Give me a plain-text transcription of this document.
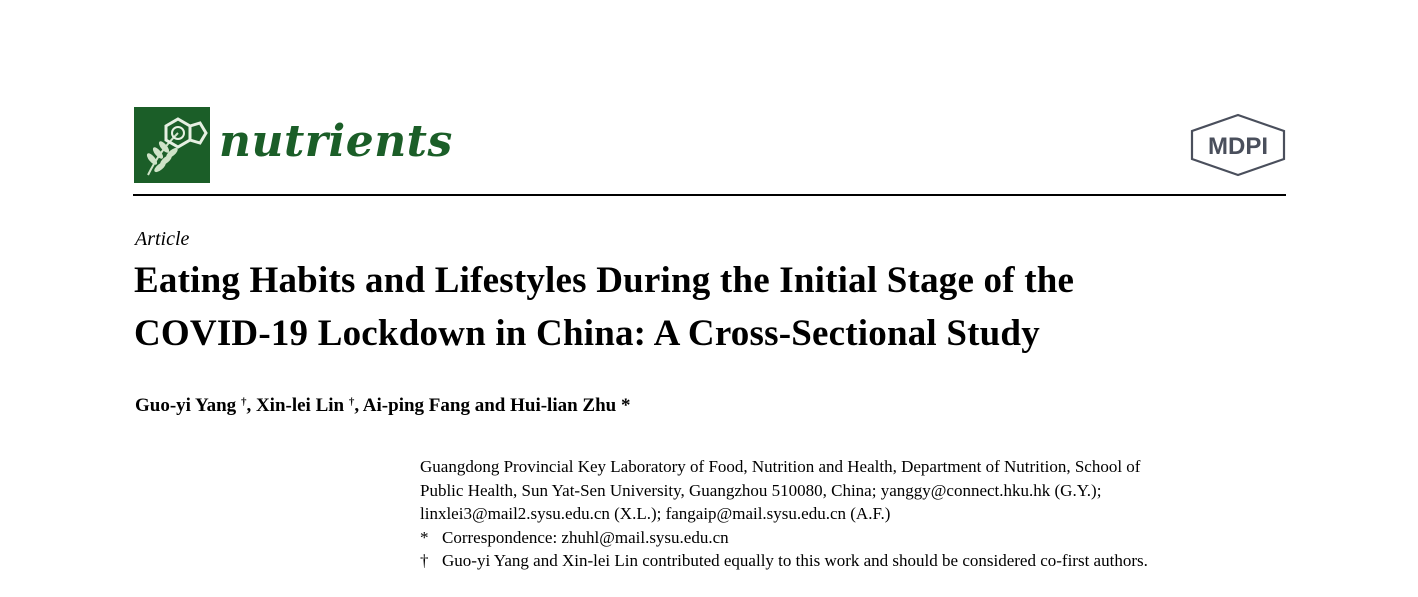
nutrients	MDPI
Article
Eating Habits and Lifestyles During the Initial Stage of the
COVID-19 Lockdown in China: A Cross-Sectional Study
Guo-yi Yang †, Xin-lei Lin †, Ai-ping Fang and Hui-lian Zhu *
Guangdong Provincial Key Laboratory of Food, Nutrition and Health, Department of Nutrition, School of
Public Health, Sun Yat-Sen University, Guangzhou 510080, China; yanggy@connect.hku.hk (G.Y.);
linxlei3@mail2.sysu.edu.cn (X.L.); fangaip@mail.sysu.edu.cn (A.F.)
* Correspondence: zhuhl@mail.sysu.edu.cn
† Guo-yi Yang and Xin-lei Lin contributed equally to this work and should be considered co-first authors.
